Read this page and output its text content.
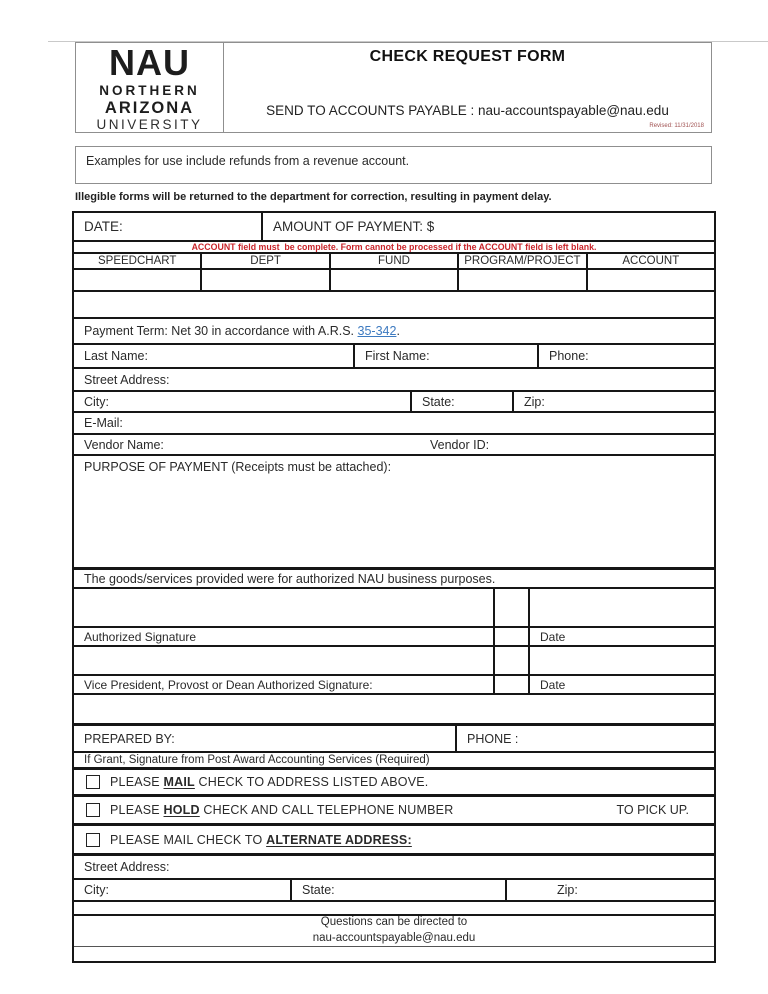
NAU
NORTHERN
ARIZONA
UNIVERSITY
CHECK REQUEST FORM
SEND TO ACCOUNTS PAYABLE : nau-accountspayable@nau.edu
Revised: 11/31/2018
Examples for use include refunds from a revenue account.
Illegible forms will be returned to the department for correction, resulting in payment delay.
DATE:	AMOUNT OF PAYMENT: $
ACCOUNT field must  be complete. Form cannot be processed if the ACCOUNT field is left blank.
SPEEDCHART	DEPT	FUND	PROGRAM/PROJECT	ACCOUNT
Payment Term: Net 30 in accordance with A.R.S. 35-342.
Last Name:	First Name:	Phone:
Street Address:
City:	State:	Zip:
E-Mail:
Vendor Name:	Vendor ID:
PURPOSE OF PAYMENT (Receipts must be attached):
The goods/services provided were for authorized NAU business purposes.
Authorized Signature	Date
Vice President, Provost or Dean Authorized Signature:	Date
PREPARED BY:	PHONE :
If Grant, Signature from Post Award Accounting Services (Required)
PLEASE MAIL CHECK TO ADDRESS LISTED ABOVE.
PLEASE HOLD CHECK AND CALL TELEPHONE NUMBER	TO PICK UP.
PLEASE MAIL CHECK TO ALTERNATE ADDRESS:
Street Address:
City:	State:	Zip:
Questions can be directed to
nau-accountspayable@nau.edu
